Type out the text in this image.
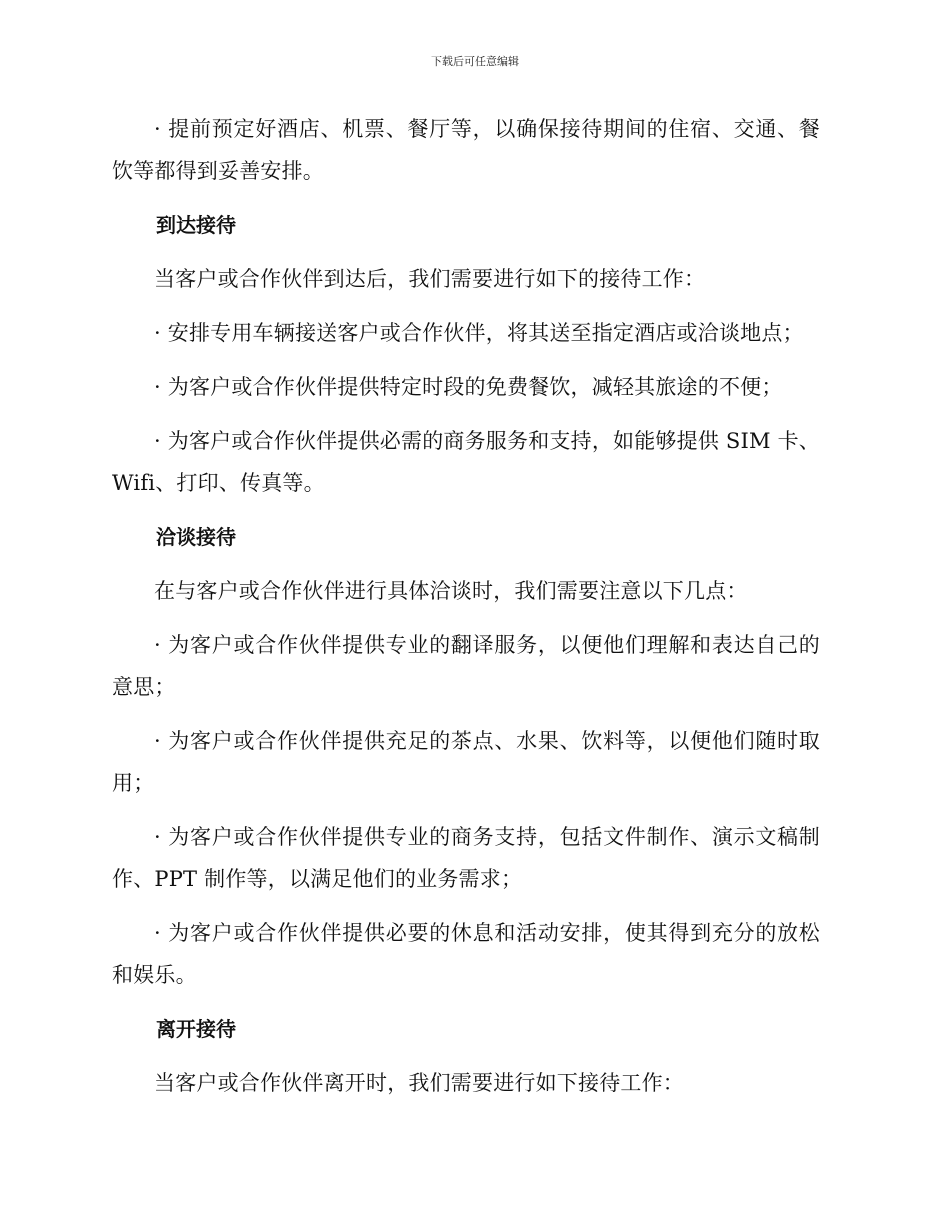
下载后可任意编辑

· 提前预定好酒店、机票、餐厅等，以确保接待期间的住宿、交通、餐饮等都得到妥善安排。

到达接待

当客户或合作伙伴到达后，我们需要进行如下的接待工作：

· 安排专用车辆接送客户或合作伙伴，将其送至指定酒店或洽谈地点；

· 为客户或合作伙伴提供特定时段的免费餐饮，减轻其旅途的不便；

· 为客户或合作伙伴提供必需的商务服务和支持，如能够提供 SIM 卡、Wifi、打印、传真等。

洽谈接待

在与客户或合作伙伴进行具体洽谈时，我们需要注意以下几点：

· 为客户或合作伙伴提供专业的翻译服务，以便他们理解和表达自己的意思；

· 为客户或合作伙伴提供充足的茶点、水果、饮料等，以便他们随时取用；

· 为客户或合作伙伴提供专业的商务支持，包括文件制作、演示文稿制作、PPT 制作等，以满足他们的业务需求；

· 为客户或合作伙伴提供必要的休息和活动安排，使其得到充分的放松和娱乐。

离开接待

当客户或合作伙伴离开时，我们需要进行如下接待工作：
